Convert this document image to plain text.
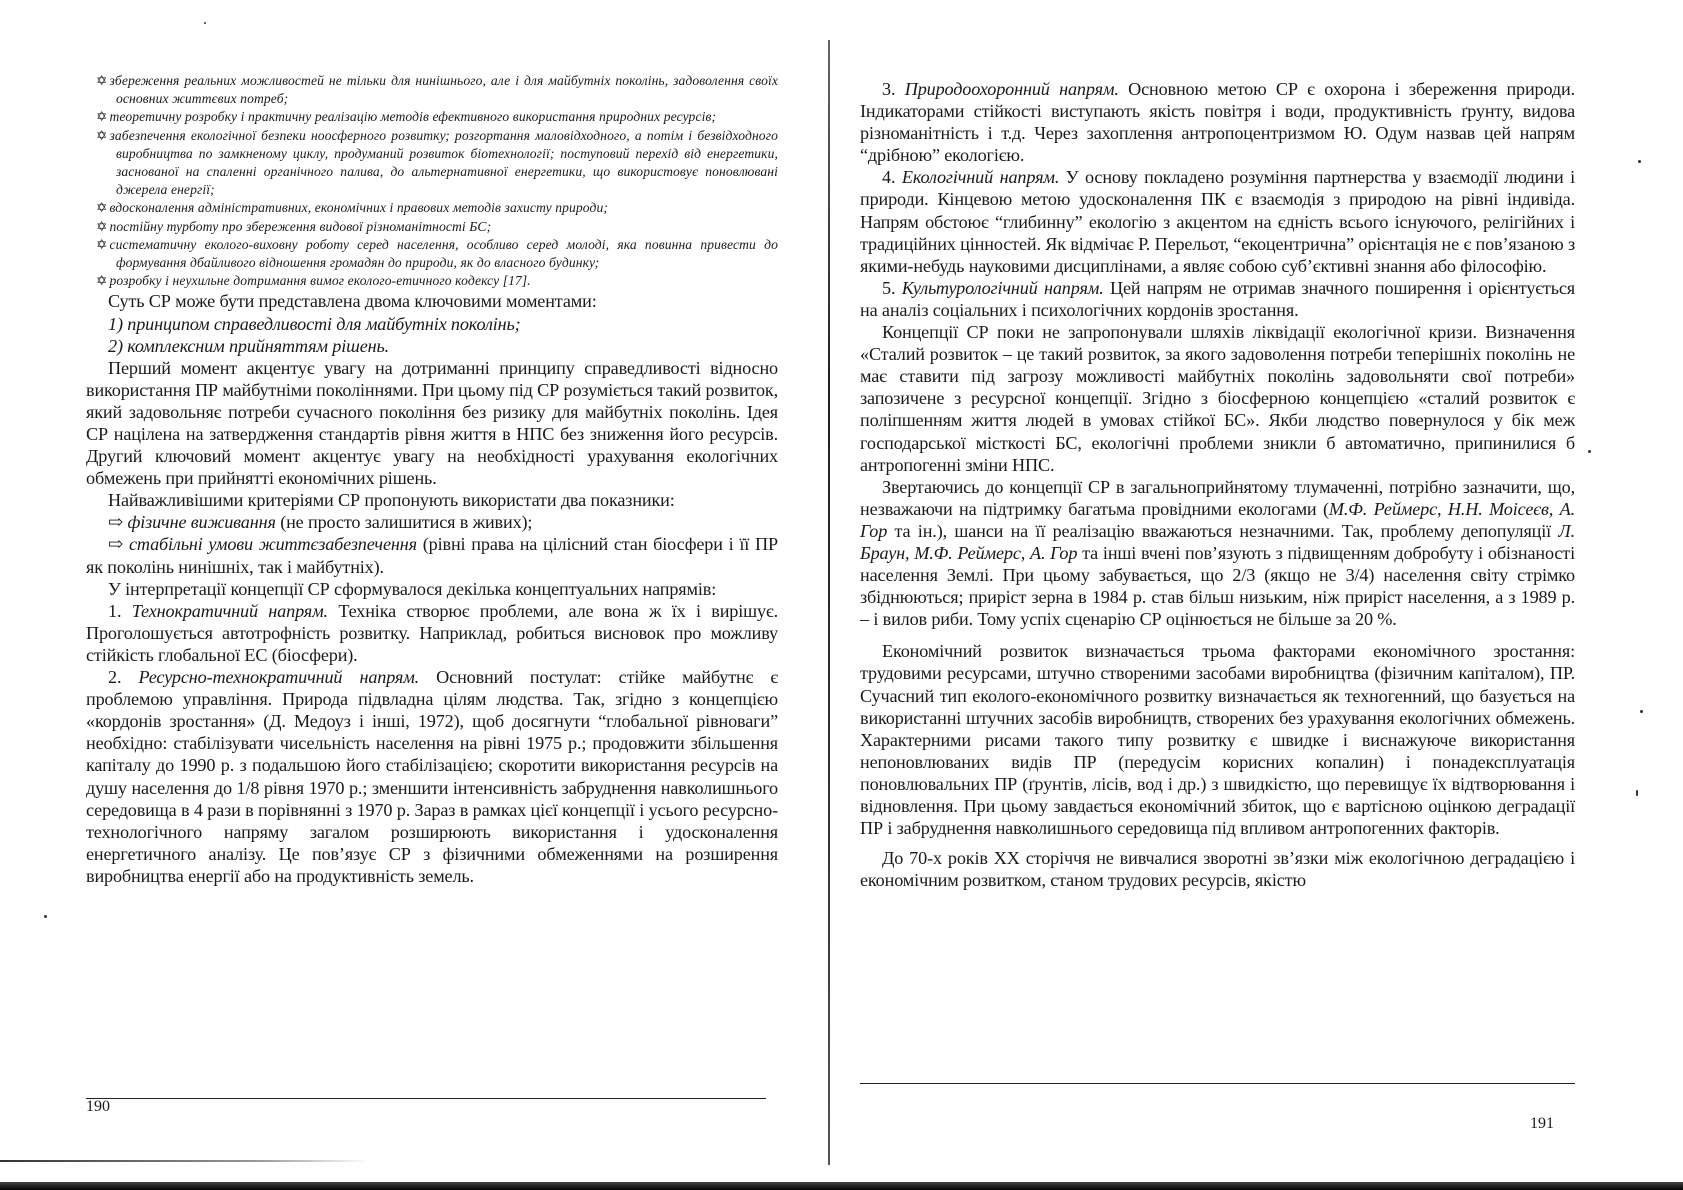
✡ збереження реальних можливостей не тільки для нинішнього, але і для майбутніх поколінь, задоволення своїх основних життєвих потреб;

✡ теоретичну розробку і практичну реалізацію методів ефективного використання природних ресурсів;

✡ забезпечення екологічної безпеки ноосферного розвитку; розгортання маловідходного, а потім і безвідходного виробництва по замкненому циклу, продуманий розвиток біотехнології; поступовий перехід від енергетики, заснованої на спаленні органічного палива, до альтернативної енергетики, що використовує поновлювані джерела енергії;

✡ вдосконалення адміністративних, економічних і правових методів захисту природи;

✡ постійну турботу про збереження видової різноманітності БС;

✡ систематичну еколого-виховну роботу серед населення, особливо серед молоді, яка повинна привести до формування дбайливого відношення громадян до природи, як до власного будинку;

✡ розробку і неухильне дотримання вимог еколого-етичного кодексу [17].

Суть СР може бути представлена двома ключовими моментами:

1) принципом справедливості для майбутніх поколінь;

2) комплексним прийняттям рішень.

Перший момент акцентує увагу на дотриманні принципу справедливості відносно використання ПР майбутніми поколіннями. При цьому під СР розуміється такий розвиток, який задовольняє потреби сучасного покоління без ризику для майбутніх поколінь. Ідея СР націлена на затвердження стандартів рівня життя в НПС без зниження його ресурсів. Другий ключовий момент акцентує увагу на необхідності урахування екологічних обмежень при прийнятті економічних рішень.

Найважливішими критеріями СР пропонують використати два показники:

⇨ фізичне виживання (не просто залишитися в живих);

⇨ стабільні умови життєзабезпечення (рівні права на цілісний стан біосфери і її ПР як поколінь нинішніх, так і майбутніх).

У інтерпретації концепції СР сформувалося декілька концептуальних напрямів:

1. Технократичний напрям. Техніка створює проблеми, але вона ж їх і вирішує. Проголошується автотрофність розвитку. Наприклад, робиться висновок про можливу стійкість глобальної ЕС (біосфери).

2. Ресурсно-технократичний напрям. Основний постулат: стійке майбутнє є проблемою управління. Природа підвладна цілям людства. Так, згідно з концепцією «кордонів зростання» (Д. Медоуз і інші, 1972), щоб досягнути “глобальної рівноваги” необхідно: стабілізувати чисельність населення на рівні 1975 р.; продовжити збільшення капіталу до 1990 р. з подальшою його стабілізацією; скоротити використання ресурсів на душу населення до 1/8 рівня 1970 р.; зменшити інтенсивність забруднення навколишнього середовища в 4 рази в порівнянні з 1970 р. Зараз в рамках цієї концепції і усього ресурсно-технологічного напряму загалом розширюють використання і удосконалення енергетичного аналізу. Це пов’язує СР з фізичними обмеженнями на розширення виробництва енергії або на продуктивність земель.

190

3. Природоохоронний напрям. Основною метою СР є охорона і збереження природи. Індикаторами стійкості виступають якість повітря і води, продуктивність ґрунту, видова різноманітність і т.д. Через захоплення антропоцентризмом Ю. Одум назвав цей напрям “дрібною” екологією.

4. Екологічний напрям. У основу покладено розуміння партнерства у взаємодії людини і природи. Кінцевою метою удосконалення ПК є взаємодія з природою на рівні індивіда. Напрям обстоює “глибинну” екологію з акцентом на єдність всього існуючого, релігійних і традиційних цінностей. Як відмічає Р. Перельот, “екоцентрична” орієнтація не є пов’язаною з якими-небудь науковими дисциплінами, а являє собою суб’єктивні знання або філософію.

5. Культурологічний напрям. Цей напрям не отримав значного поширення і орієнтується на аналіз соціальних і психологічних кордонів зростання.

Концепції СР поки не запропонували шляхів ліквідації екологічної кризи. Визначення «Сталий розвиток – це такий розвиток, за якого задоволення потреби теперішніх поколінь не має ставити під загрозу можливості майбутніх поколінь задовольняти свої потреби» запозичене з ресурсної концепції. Згідно з біосферною концепцією «сталий розвиток є поліпшенням життя людей в умовах стійкої БС». Якби людство повернулося у бік меж господарської місткості БС, екологічні проблеми зникли б автоматично, припинилися б антропогенні зміни НПС.

Звертаючись до концепції СР в загальноприйнятому тлумаченні, потрібно зазначити, що, незважаючи на підтримку багатьма провідними екологами (М.Ф. Реймерс, Н.Н. Моісеєв, А. Гор та ін.), шанси на її реалізацію вважаються незначними. Так, проблему депопуляції Л. Браун, М.Ф. Реймерс, А. Гор та інші вчені пов’язують з підвищенням добробуту і обізнаності населення Землі. При цьому забувається, що 2/3 (якщо не 3/4) населення світу стрімко збіднюються; приріст зерна в 1984 р. став більш низьким, ніж приріст населення, а з 1989 р. – і вилов риби. Тому успіх сценарію СР оцінюється не більше за 20 %.

Економічний розвиток визначається трьома факторами економічного зростання: трудовими ресурсами, штучно створеними засобами виробництва (фізичним капіталом), ПР. Сучасний тип еколого-економічного розвитку визначається як техногенний, що базується на використанні штучних засобів виробництв, створених без урахування екологічних обмежень. Характерними рисами такого типу розвитку є швидке і виснажуюче використання непоновлюваних видів ПР (передусім корисних копалин) і понадексплуатація поновлювальних ПР (ґрунтів, лісів, вод і др.) з швидкістю, що перевищує їх відтворювання і відновлення. При цьому завдається економічний збиток, що є вартісною оцінкою деградації ПР і забруднення навколишнього середовища під впливом антропогенних факторів.

До 70-х років XX сторіччя не вивчалися зворотні зв’язки між екологічною деградацією і економічним розвитком, станом трудових ресурсів, якістю

191
